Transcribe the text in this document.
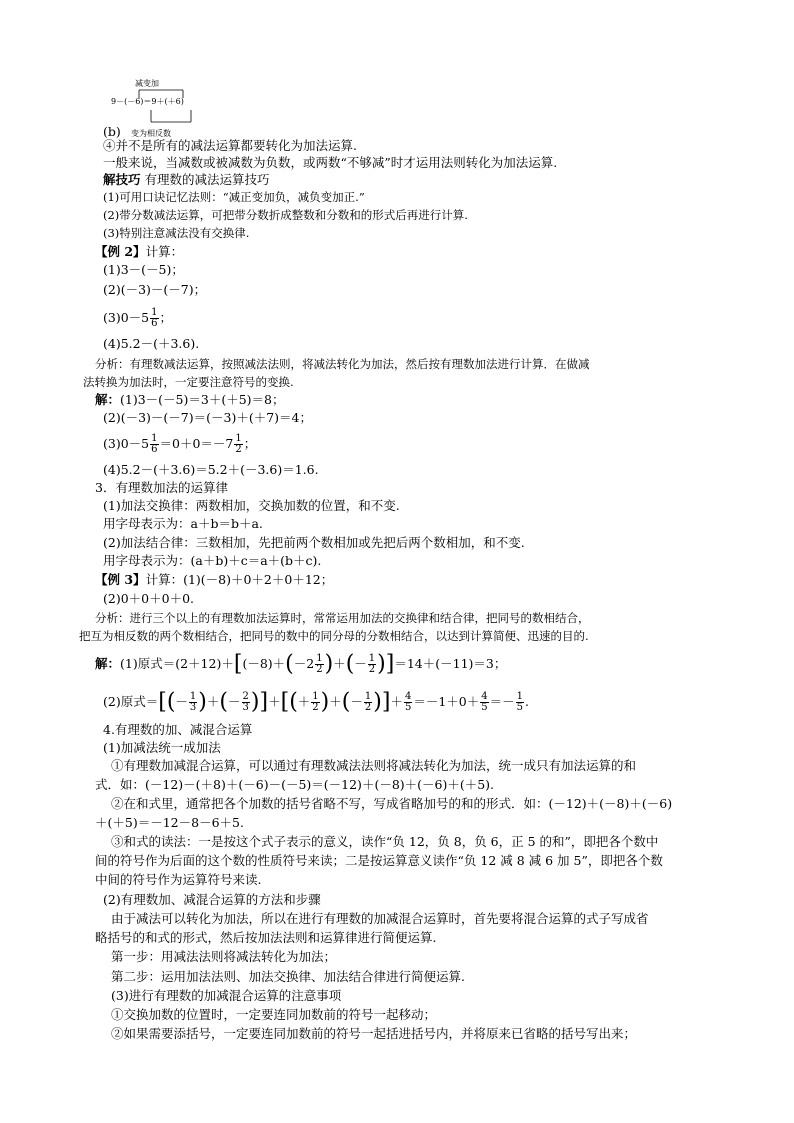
减变加
9－(－6)＝9＋(＋6)
变为相反数
(b)
④并不是所有的减法运算都要转化为加法运算.
一般来说，当减数或被减数为负数，或两数“不够减”时才运用法则转化为加法运算.
解技巧 有理数的减法运算技巧
(1)可用口诀记忆法则：“减正变加负，减负变加正.”
(2)带分数减法运算，可把带分数折成整数和分数和的形式后再进行计算.
(3)特别注意减法没有交换律.
【例 2】计算：
(1)3－(－5)；
(2)(－3)－(－7)；
$(3)0-5 \frac{1}{6}$ ；
(4)5.2－(＋3.6).
分析：有理数减法运算，按照减法法则，将减法转化为加法，然后按有理数加法进行计算．在做减
法转换为加法时，一定要注意符号的变换.
解：(1)3－(－5)＝3＋(＋5)＝8；
(2)(－3)－(－7)＝(－3)＋(＋7)＝4；
$(3)0-5 \frac{1}{6} =0+0=-7 \frac{1}{2}$ ；
(4)5.2－(＋3.6)＝5.2＋(－3.6)＝1.6.
3．有理数加法的运算律
(1)加法交换律：两数相加，交换加数的位置，和不变.
用字母表示为：a＋b＝b＋a.
(2)加法结合律：三数相加，先把前两个数相加或先把后两个数相加，和不变.
用字母表示为：(a＋b)＋c＝a＋(b＋c).
【例 3】计算：(1)(－8)＋0＋2＋0＋12；
(2)0＋0＋0＋0.
分析：进行三个以上的有理数加法运算时，常常运用加法的交换律和结合律，把同号的数相结合，
把互为相反数的两个数相结合，把同号的数中的同分母的分数相结合，以达到计算简便、迅速的目的.
解：(1)原式$=(2+12)+[(-8)+(-2 \frac{1}{2}$ )＋(－ $\frac{1}{2} )]=14+(-11)=3$；
(2)原式＝[(－ $\frac{1}{3}$ )＋(－ $\frac{2}{3}$ )]＋[(＋ $\frac{1}{2}$ )＋(－ $\frac{1}{2}$ )]＋ $\frac{4}{5} =-1+0+ \frac{4}{5} =- \frac{1}{5}$ .
4.有理数的加、减混合运算
(1)加减法统一成加法
①有理数加减混合运算，可以通过有理数减法法则将减法转化为加法，统一成只有加法运算的和
式．如：(－12)－(＋8)＋(－6)－(－5)＝(－12)＋(－8)＋(－6)＋(＋5).
②在和式里，通常把各个加数的括号省略不写，写成省略加号的和的形式．如：(－12)＋(－8)＋(－6)
＋(＋5)＝－12－8－6＋5.
③和式的读法：一是按这个式子表示的意义，读作“负 12，负 8，负 6，正 5 的和”，即把各个数中
间的符号作为后面的这个数的性质符号来读；二是按运算意义读作“负 12 减 8 减 6 加 5”，即把各个数
中间的符号作为运算符号来读.
(2)有理数加、减混合运算的方法和步骤
由于减法可以转化为加法，所以在进行有理数的加减混合运算时，首先要将混合运算的式子写成省
略括号的和式的形式，然后按加法法则和运算律进行简便运算.
第一步：用减法法则将减法转化为加法；
第二步：运用加法法则、加法交换律、加法结合律进行简便运算.
(3)进行有理数的加减混合运算的注意事项
①交换加数的位置时，一定要连同加数前的符号一起移动；
②如果需要添括号，一定要连同加数前的符号一起括进括号内，并将原来已省略的括号写出来；
